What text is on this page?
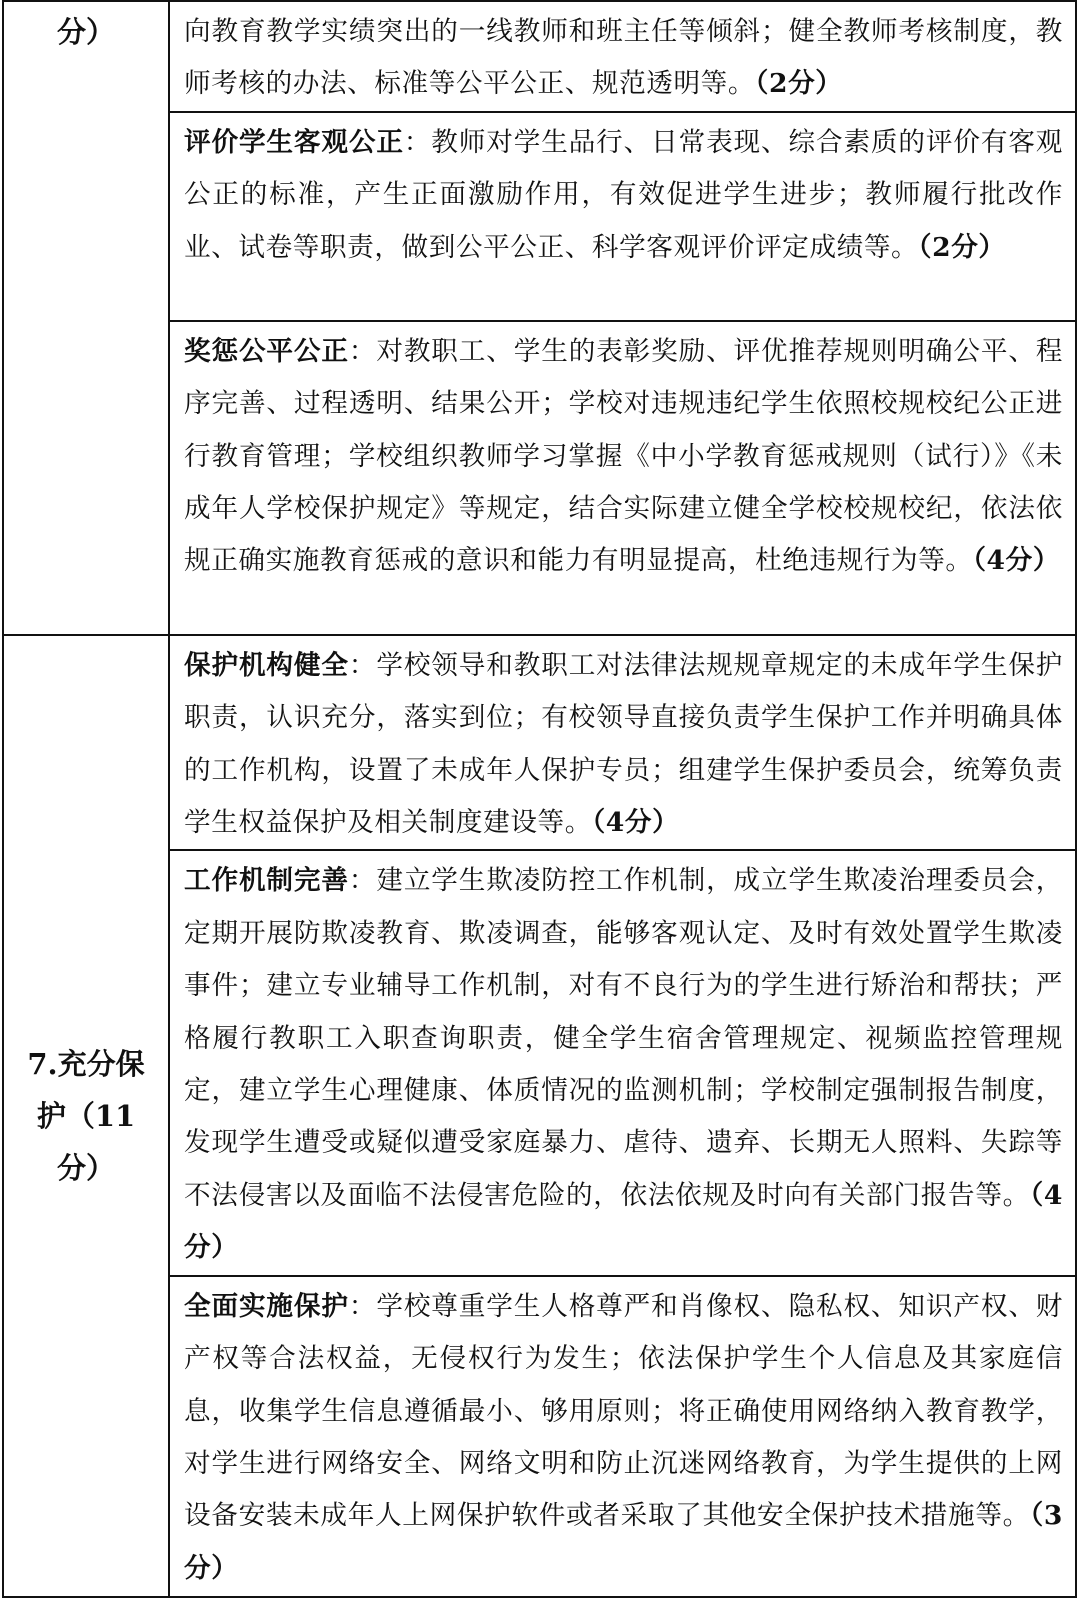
分）	向教育教学实绩突出的一线教师和班主任等倾斜；健全教师考核制度，教师考核的办法、标准等公平公正、规范透明等。（2分）
	评价学生客观公正：教师对学生品行、日常表现、综合素质的评价有客观公正的标准，产生正面激励作用，有效促进学生进步；教师履行批改作业、试卷等职责，做到公平公正、科学客观评价评定成绩等。（2分）
	奖惩公平公正：对教职工、学生的表彰奖励、评优推荐规则明确公平、程序完善、过程透明、结果公开；学校对违规违纪学生依照校规校纪公正进行教育管理；学校组织教师学习掌握《中小学教育惩戒规则（试行）》《未成年人学校保护规定》等规定，结合实际建立健全学校校规校纪，依法依规正确实施教育惩戒的意识和能力有明显提高，杜绝违规行为等。（4分）
7.充分保护（11分）	保护机构健全：学校领导和教职工对法律法规规章规定的未成年学生保护职责，认识充分，落实到位；有校领导直接负责学生保护工作并明确具体的工作机构，设置了未成年人保护专员；组建学生保护委员会，统筹负责学生权益保护及相关制度建设等。（4分）
	工作机制完善：建立学生欺凌防控工作机制，成立学生欺凌治理委员会，定期开展防欺凌教育、欺凌调查，能够客观认定、及时有效处置学生欺凌事件；建立专业辅导工作机制，对有不良行为的学生进行矫治和帮扶；严格履行教职工入职查询职责，健全学生宿舍管理规定、视频监控管理规定，建立学生心理健康、体质情况的监测机制；学校制定强制报告制度，发现学生遭受或疑似遭受家庭暴力、虐待、遗弃、长期无人照料、失踪等不法侵害以及面临不法侵害危险的，依法依规及时向有关部门报告等。（4分）
	全面实施保护：学校尊重学生人格尊严和肖像权、隐私权、知识产权、财产权等合法权益，无侵权行为发生；依法保护学生个人信息及其家庭信息，收集学生信息遵循最小、够用原则；将正确使用网络纳入教育教学，对学生进行网络安全、网络文明和防止沉迷网络教育，为学生提供的上网设备安装未成年人上网保护软件或者采取了其他安全保护技术措施等。（3分）
